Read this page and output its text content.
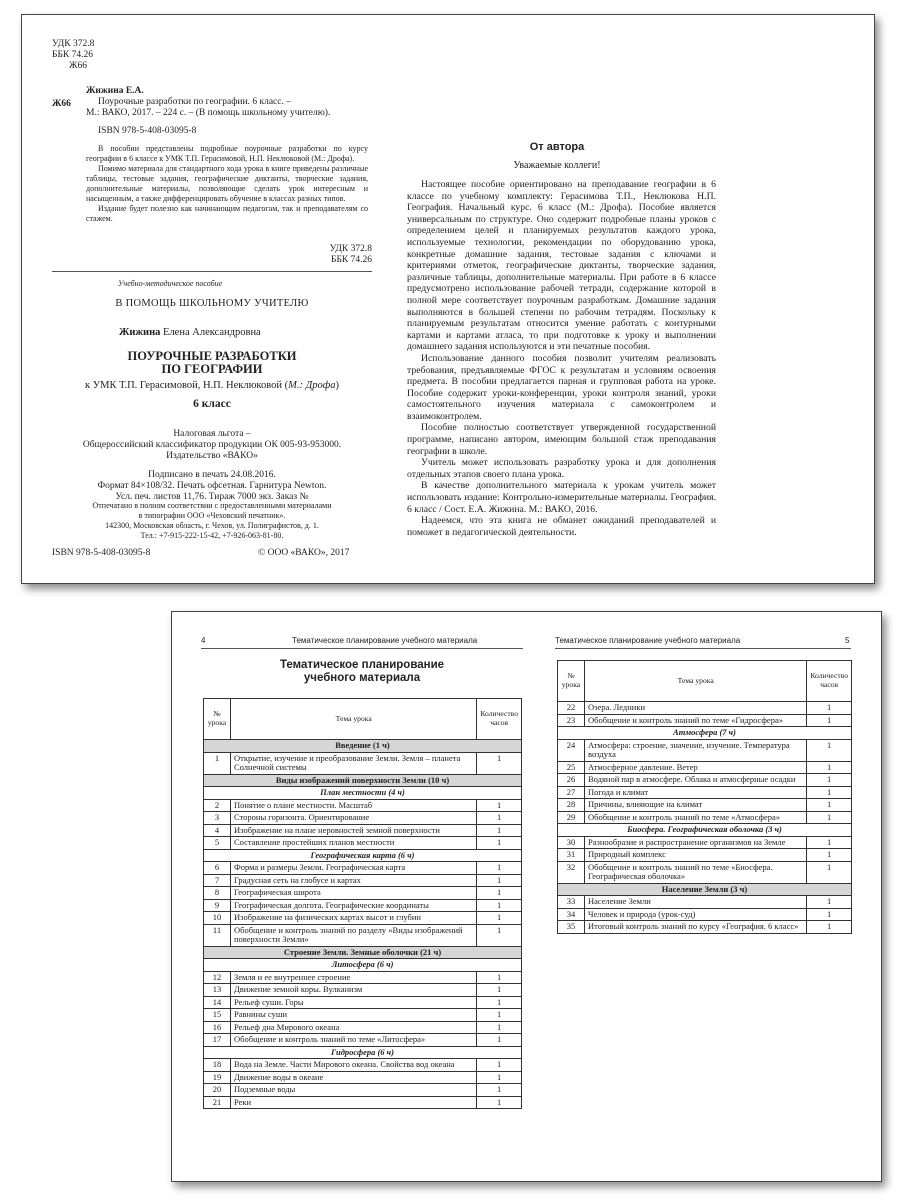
УДК 372.8
ББК 74.26
Ж66
Ж66
Жижина Е.А.
Поурочные разработки по географии. 6 класс. –
М.: ВАКО, 2017. – 224 с. – (В помощь школьному учителю).
ISBN 978-5-408-03095-8
В пособии представлены подробные поурочные разработки по курсу географии в 6 классе к УМК Т.П. Герасимовой, Н.П. Неклюковой (М.: Дрофа).
Помимо материала для стандартного хода урока в книге приведены различные таблицы, тестовые задания, географические диктанты, творческие задания, дополнительные материалы, позволяющие сделать урок интересным и насыщенным, а также дифференцировать обучение в классах разных типов.
Издание будет полезно как начинающим педагогам, так и преподавателям со стажем.
УДК 372.8
ББК 74.26
Учебно-методическое пособие
В ПОМОЩЬ ШКОЛЬНОМУ УЧИТЕЛЮ
Жижина Елена Александровна
ПОУРОЧНЫЕ РАЗРАБОТКИ
ПО ГЕОГРАФИИ
к УМК Т.П. Герасимовой, Н.П. Неклюковой (М.: Дрофа)
6 класс
Налоговая льгота –
Общероссийский классификатор продукции ОК 005-93-953000.
Издательство «ВАКО»
Подписано в печать 24.08.2016.
Формат 84×108/32. Печать офсетная. Гарнитура Newton.
Усл. печ. листов 11,76. Тираж 7000 экз. Заказ №
Отпечатано в полном соответствии с предоставленными материалами
в типографии ООО «Чеховский печатник».
142300, Московская область, г. Чехов, ул. Полиграфистов, д. 1.
Тел.: +7-915-222-15-42, +7-926-063-81-80.
ISBN 978-5-408-03095-8	© ООО «ВАКО», 2017
От автора
Уважаемые коллеги!

Настоящее пособие ориентировано на преподавание географии в 6 классе по учебному комплекту: Герасимова Т.П., Неклюкова Н.П. География. Начальный курс. 6 класс (М.: Дрофа). Пособие является универсальным по структуре. Оно содержит подробные планы уроков с определением целей и планируемых результатов каждого урока, используемые технологии, рекомендации по оборудованию урока, конкретные домашние задания, тестовые задания с ключами и критериями отметок, географические диктанты, творческие задания, различные таблицы, дополнительные материалы. При работе в 6 классе предусмотрено использование рабочей тетради, содержание которой в полной мере соответствует поурочным разработкам. Домашние задания выполняются в большей степени по рабочим тетрадям. Поскольку к планируемым результатам относится умение работать с контурными картами и картами атласа, то при подготовке к уроку и выполнении домашнего задания используются и эти печатные пособия.

Использование данного пособия позволит учителям реализовать требования, предъявляемые ФГОС к результатам и условиям освоения предмета. В пособии предлагается парная и групповая работа на уроке. Пособие содержит уроки-конференции, уроки контроля знаний, уроки самостоятельного изучения материала с самоконтролем и взаимоконтролем.

Пособие полностью соответствует утвержденной государственной программе, написано автором, имеющим большой стаж преподавания географии в школе.

Учитель может использовать разработку урока и для дополнения отдельных этапов своего плана урока.

В качестве дополнительного материала к урокам учитель может использовать издание: Контрольно-измерительные материалы. География. 6 класс / Сост. Е.А. Жижина. М.: ВАКО, 2016.

Надеемся, что эта книга не обманет ожиданий преподавателей и поможет в педагогической деятельности.

4	Тематическое планирование учебного материала
Тематическое планирование
учебного материала
№ урока	Тема урока	Количество часов
Введение (1 ч)		
1	Открытие, изучение и преобразование Земли. Земля – планета Солнечной системы	1
Виды изображений поверхности Земли (10 ч)		
План местности (4 ч)		
2	Понятие о плане местности. Масштаб	1
3	Стороны горизонта. Ориентирование	1
4	Изображение на плане неровностей земной поверхности	1
5	Составление простейших планов местности	1
Географическая карта (6 ч)		
6	Форма и размеры Земли. Географическая карта	1
7	Градусная сеть на глобусе и картах	1
8	Географическая широта	1
9	Географическая долгота. Географические координаты	1
10	Изображение на физических картах высот и глубин	1
11	Обобщение и контроль знаний по разделу «Виды изображений поверхности Земли»	1
Строение Земли. Земные оболочки (21 ч)		
Литосфера (6 ч)		
12	Земля и ее внутреннее строение	1
13	Движение земной коры. Вулканизм	1
14	Рельеф суши. Горы	1
15	Равнины суши	1
16	Рельеф дна Мирового океана	1
17	Обобщение и контроль знаний по теме «Литосфера»	1
Гидросфера (6 ч)		
18	Вода на Земле. Части Мирового океана. Свойства вод океана	1
19	Движение воды в океане	1
20	Подземные воды	1
21	Реки	1
Тематическое планирование учебного материала	5
№ урока	Тема урока	Количество часов
22	Озера. Ледники	1
23	Обобщение и контроль знаний по теме «Гидросфера»	1
Атмосфера (7 ч)		
24	Атмосфера: строение, значение, изучение. Температура воздуха	1
25	Атмосферное давление. Ветер	1
26	Водяной пар в атмосфере. Облака и атмосферные осадки	1
27	Погода и климат	1
28	Причины, влияющие на климат	1
29	Обобщение и контроль знаний по теме «Атмосфера»	1
Биосфера. Географическая оболочка (3 ч)		
30	Разнообразие и распространение организмов на Земле	1
31	Природный комплекс	1
32	Обобщение и контроль знаний по теме «Биосфера. Географическая оболочка»	1
Население Земли (3 ч)		
33	Население Земли	1
34	Человек и природа (урок-суд)	1
35	Итоговый контроль знаний по курсу «География. 6 класс»	1
